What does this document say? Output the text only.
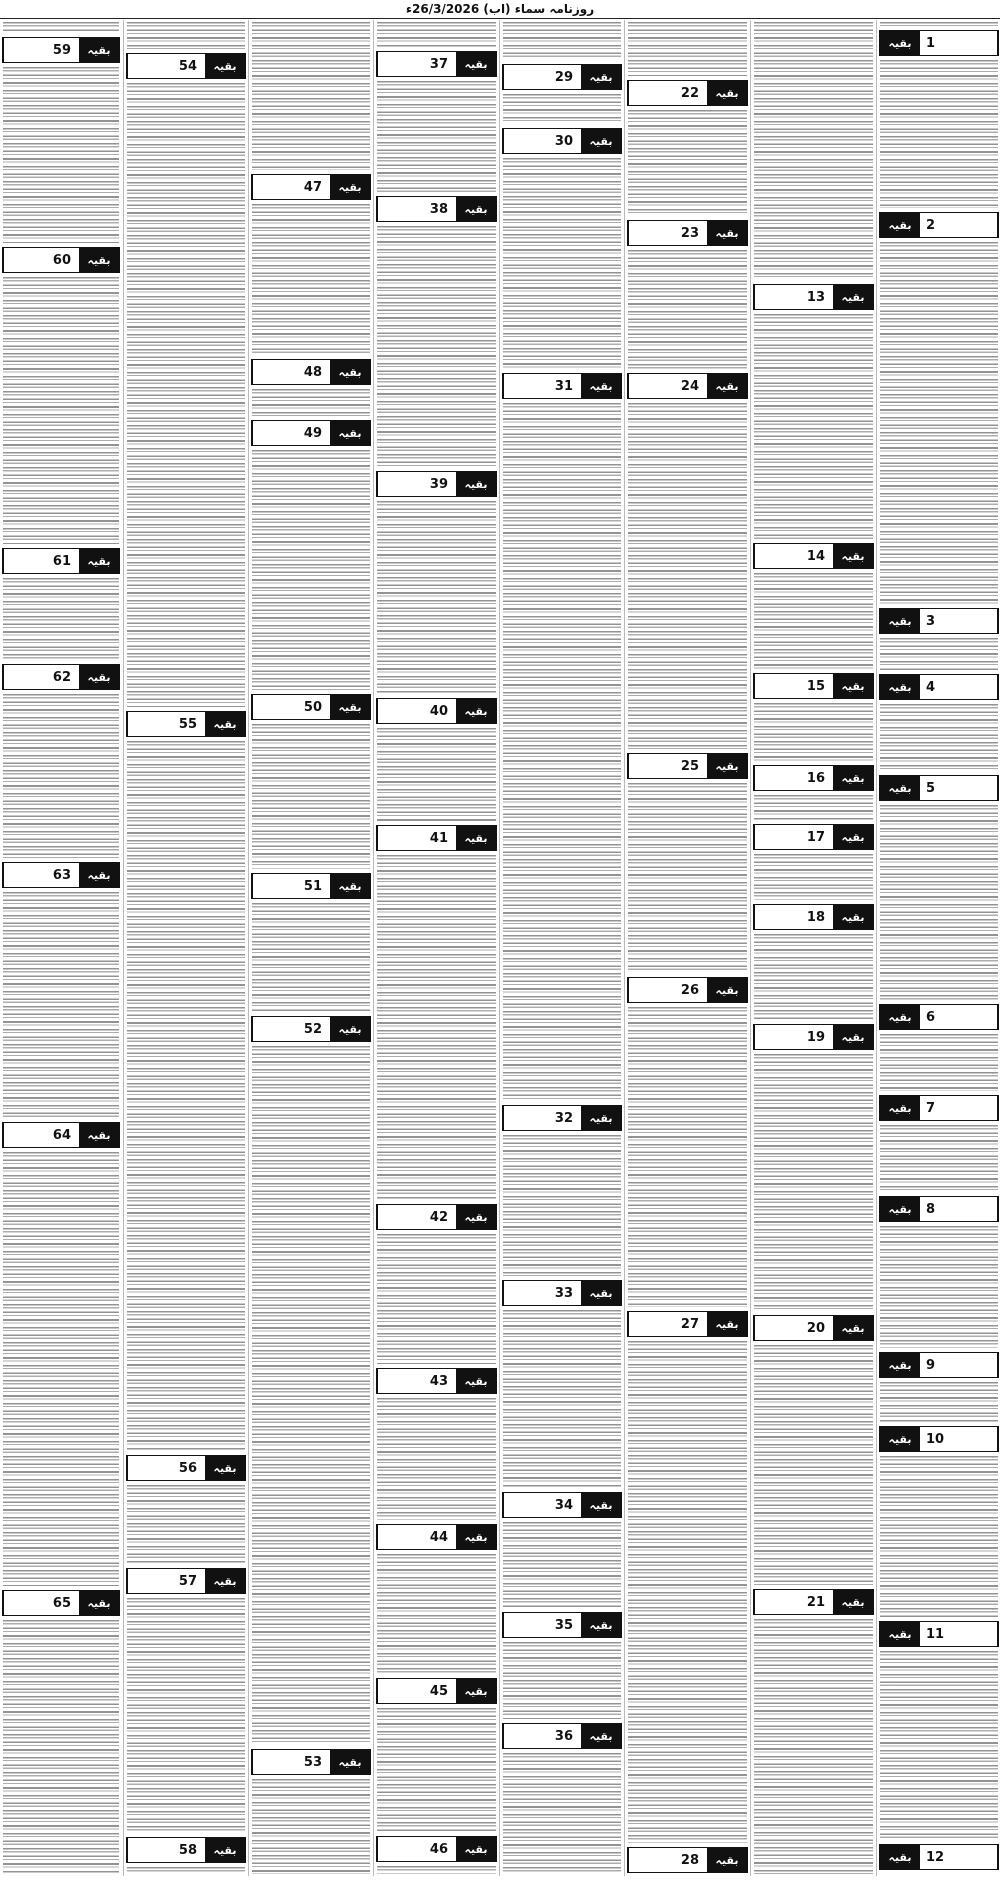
روزنامہ سماء (اب) 26/3/2026ء
1
بقیہ
2
بقیہ
3
بقیہ
4
بقیہ
5
بقیہ
6
بقیہ
7
بقیہ
8
بقیہ
9
بقیہ
10
بقیہ
11
بقیہ
12
بقیہ
13	بقیہ
14	بقیہ
15	بقیہ
16	بقیہ
17	بقیہ
18	بقیہ
19	بقیہ
20	بقیہ
21	بقیہ
22	بقیہ
23	بقیہ
24	بقیہ
25	بقیہ
26	بقیہ
27	بقیہ
28	بقیہ
29	بقیہ
30	بقیہ
31	بقیہ
32	بقیہ
33	بقیہ
34	بقیہ
35	بقیہ
36	بقیہ
37	بقیہ
38	بقیہ
39	بقیہ
40	بقیہ
41	بقیہ
42	بقیہ
43	بقیہ
44	بقیہ
45	بقیہ
46	بقیہ
47	بقیہ
48	بقیہ
49	بقیہ
50	بقیہ
51	بقیہ
52	بقیہ
53	بقیہ
54	بقیہ
55	بقیہ
56	بقیہ
57	بقیہ
58	بقیہ
59	بقیہ
60	بقیہ
61	بقیہ
62	بقیہ
63	بقیہ
64	بقیہ
65	بقیہ
